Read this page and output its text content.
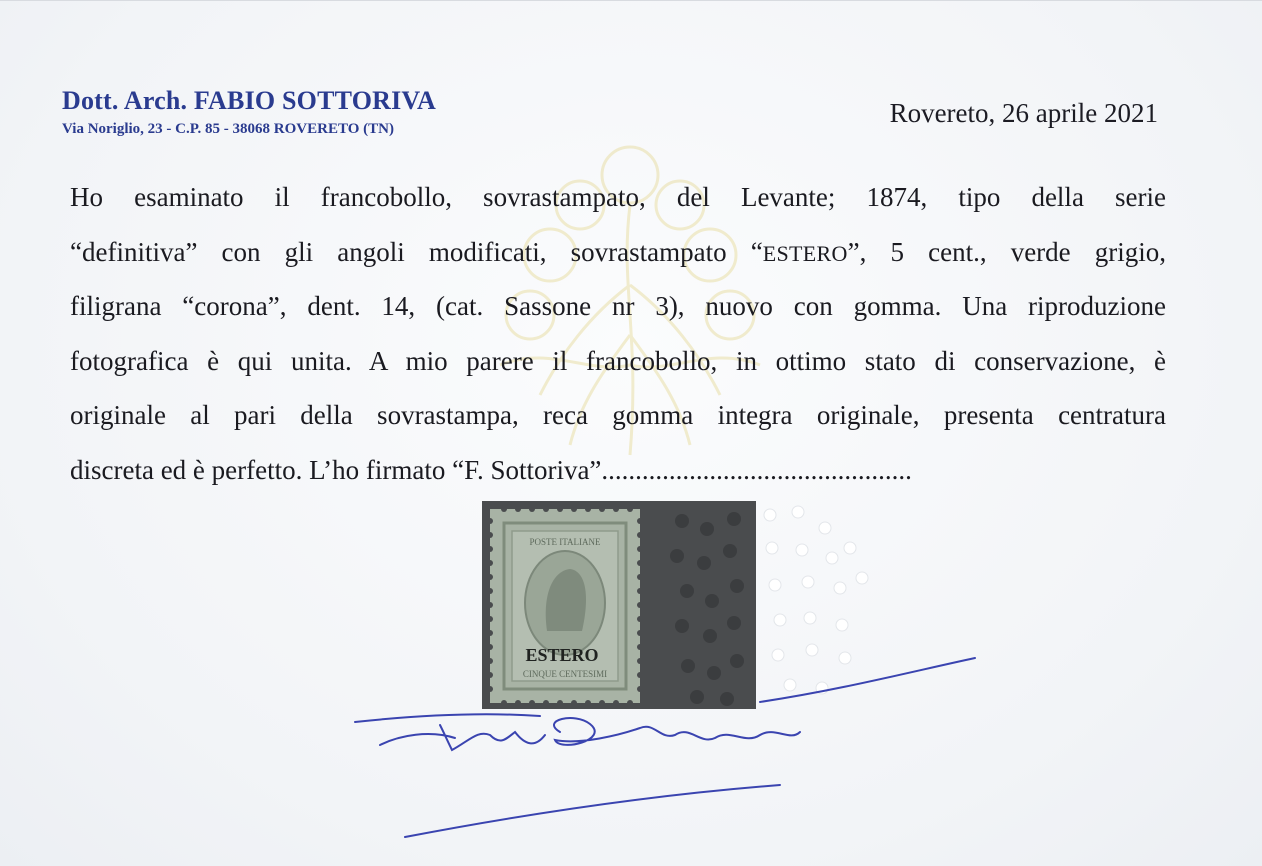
Dott. Arch. FABIO SOTTORIVA
Via Noriglio, 23 - C.P. 85 - 38068 ROVERETO (TN)
Rovereto, 26 aprile 2021
Ho esaminato il francobollo, sovrastampato, del Levante; 1874, tipo della serie
“definitiva” con gli angoli modificati, sovrastampato “ESTERO”, 5 cent., verde grigio,
filigrana “corona”, dent. 14, (cat. Sassone nr 3), nuovo con gomma. Una riproduzione
fotografica è qui unita. A mio parere il francobollo, in ottimo stato di conservazione, è
originale al pari della sovrastampa, reca gomma integra originale, presenta centratura
discreta ed è perfetto. L’ho firmato “F. Sottoriva”..............................................
POSTE ITALIANE
CINQUE CENTESIMI
ESTERO
